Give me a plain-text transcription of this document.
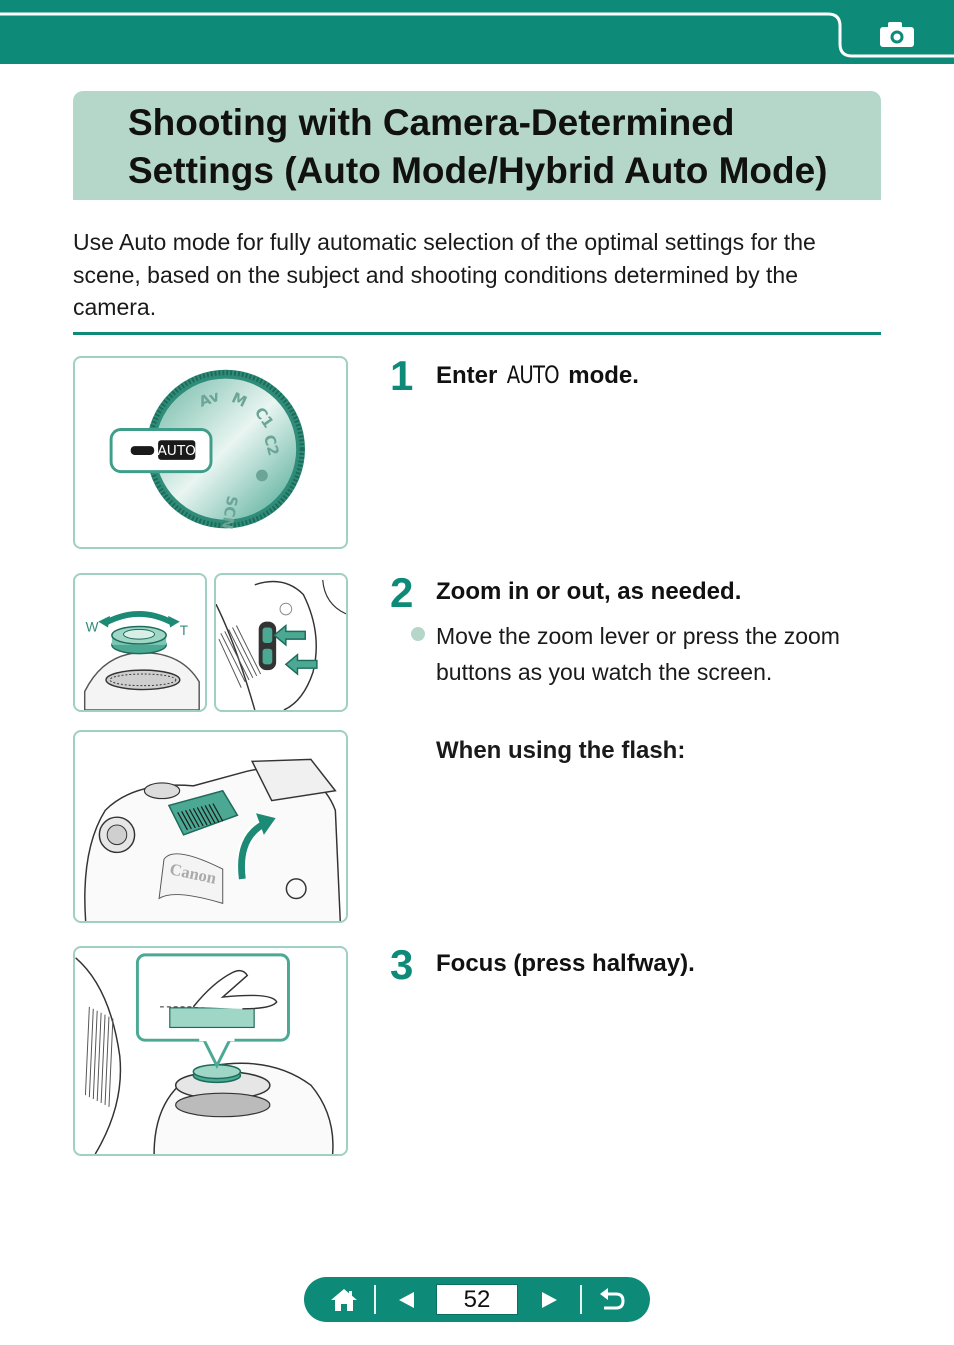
Shooting with Camera-Determined
Settings (Auto Mode/Hybrid Auto Mode)

Use Auto mode for fully automatic selection of the optimal settings for the scene, based on the subject and shooting conditions determined by the camera.

M
C1
C2
Av
SCN
AUTO
W	T
Canon
1 Enter AUTO mode.
2 Zoom in or out, as needed.

Move the zoom lever or press the zoom buttons as you watch the screen.

When using the flash:
3 Focus (press halfway).
52
